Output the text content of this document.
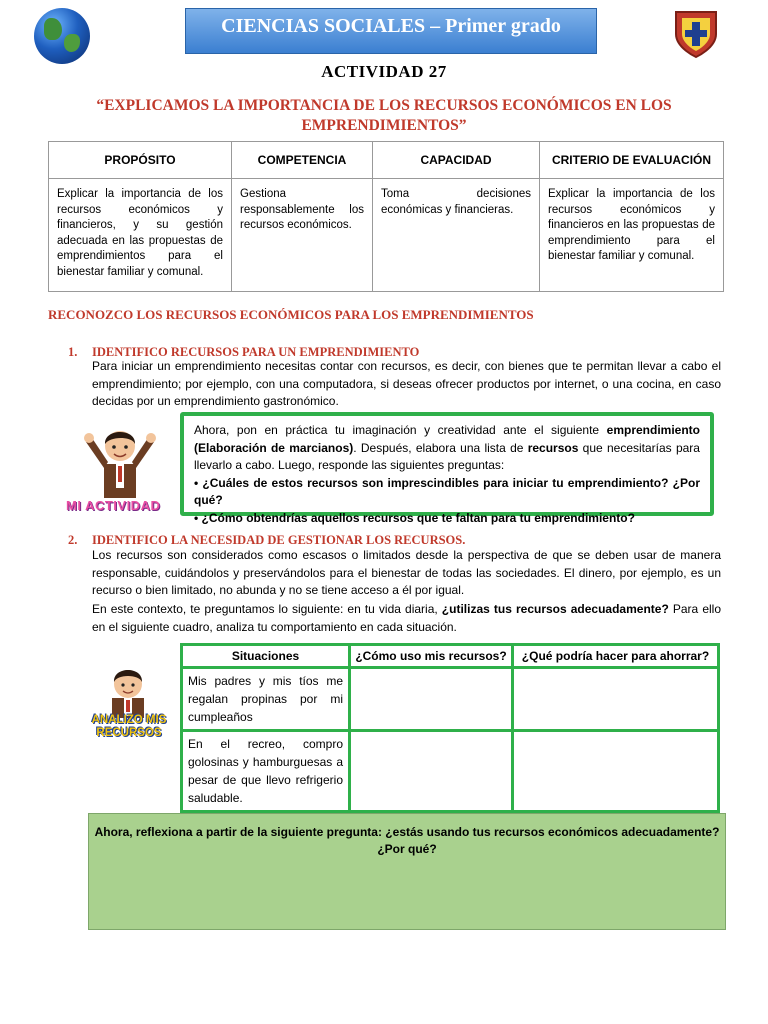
CIENCIAS SOCIALES – Primer grado
ACTIVIDAD 27
“EXPLICAMOS LA IMPORTANCIA DE LOS RECURSOS ECONÓMICOS EN LOS
EMPRENDIMIENTOS”
PROPÓSITO	COMPETENCIA	CAPACIDAD	CRITERIO DE EVALUACIÓN
Explicar la importancia de los recursos económicos y financieros, y su gestión adecuada en las propuestas de emprendimientos para el bienestar familiar y comunal.	Gestiona responsablemente los recursos económicos.	Toma decisiones económicas y financieras.	Explicar la importancia de los recursos económicos y financieros en las propuestas de emprendimiento para el bienestar familiar y comunal.
RECONOZCO LOS RECURSOS ECONÓMICOS PARA LOS EMPRENDIMIENTOS
1. IDENTIFICO RECURSOS PARA UN EMPRENDIMIENTO
Para iniciar un emprendimiento necesitas contar con recursos, es decir, con bienes que te permitan llevar a cabo el emprendimiento; por ejemplo, con una computadora, si deseas ofrecer productos por internet, o una cocina, en caso decidas por un emprendimiento gastronómico.
MI ACTIVIDAD
Ahora, pon en práctica tu imaginación y creatividad ante el siguiente emprendimiento (Elaboración de marcianos). Después, elabora una lista de recursos que necesitarías para llevarlo a cabo. Luego, responde las siguientes preguntas:
• ¿Cuáles de estos recursos son imprescindibles para iniciar tu emprendimiento? ¿Por qué?
• ¿Cómo obtendrías aquellos recursos que te faltan para tu emprendimiento?
2. IDENTIFICO LA NECESIDAD DE GESTIONAR LOS RECURSOS.
Los recursos son considerados como escasos o limitados desde la perspectiva de que se deben usar de manera responsable, cuidándolos y preservándolos para el bienestar de todas las sociedades. El dinero, por ejemplo, es un recurso o bien limitado, no abunda y no se tiene acceso a él por igual.
En este contexto, te preguntamos lo siguiente: en tu vida diaria, ¿utilizas tus recursos adecuadamente? Para ello en el siguiente cuadro, analiza tu comportamiento en cada situación.
ANALIZO MIS
RECURSOS
Situaciones	¿Cómo uso mis recursos?	¿Qué podría hacer para ahorrar?
Mis padres y mis tíos me regalan propinas por mi cumpleaños		
En el recreo, compro golosinas y hamburguesas a pesar de que llevo refrigerio saludable.		
Ahora, reflexiona a partir de la siguiente pregunta: ¿estás usando tus recursos económicos adecuadamente?
¿Por qué?
